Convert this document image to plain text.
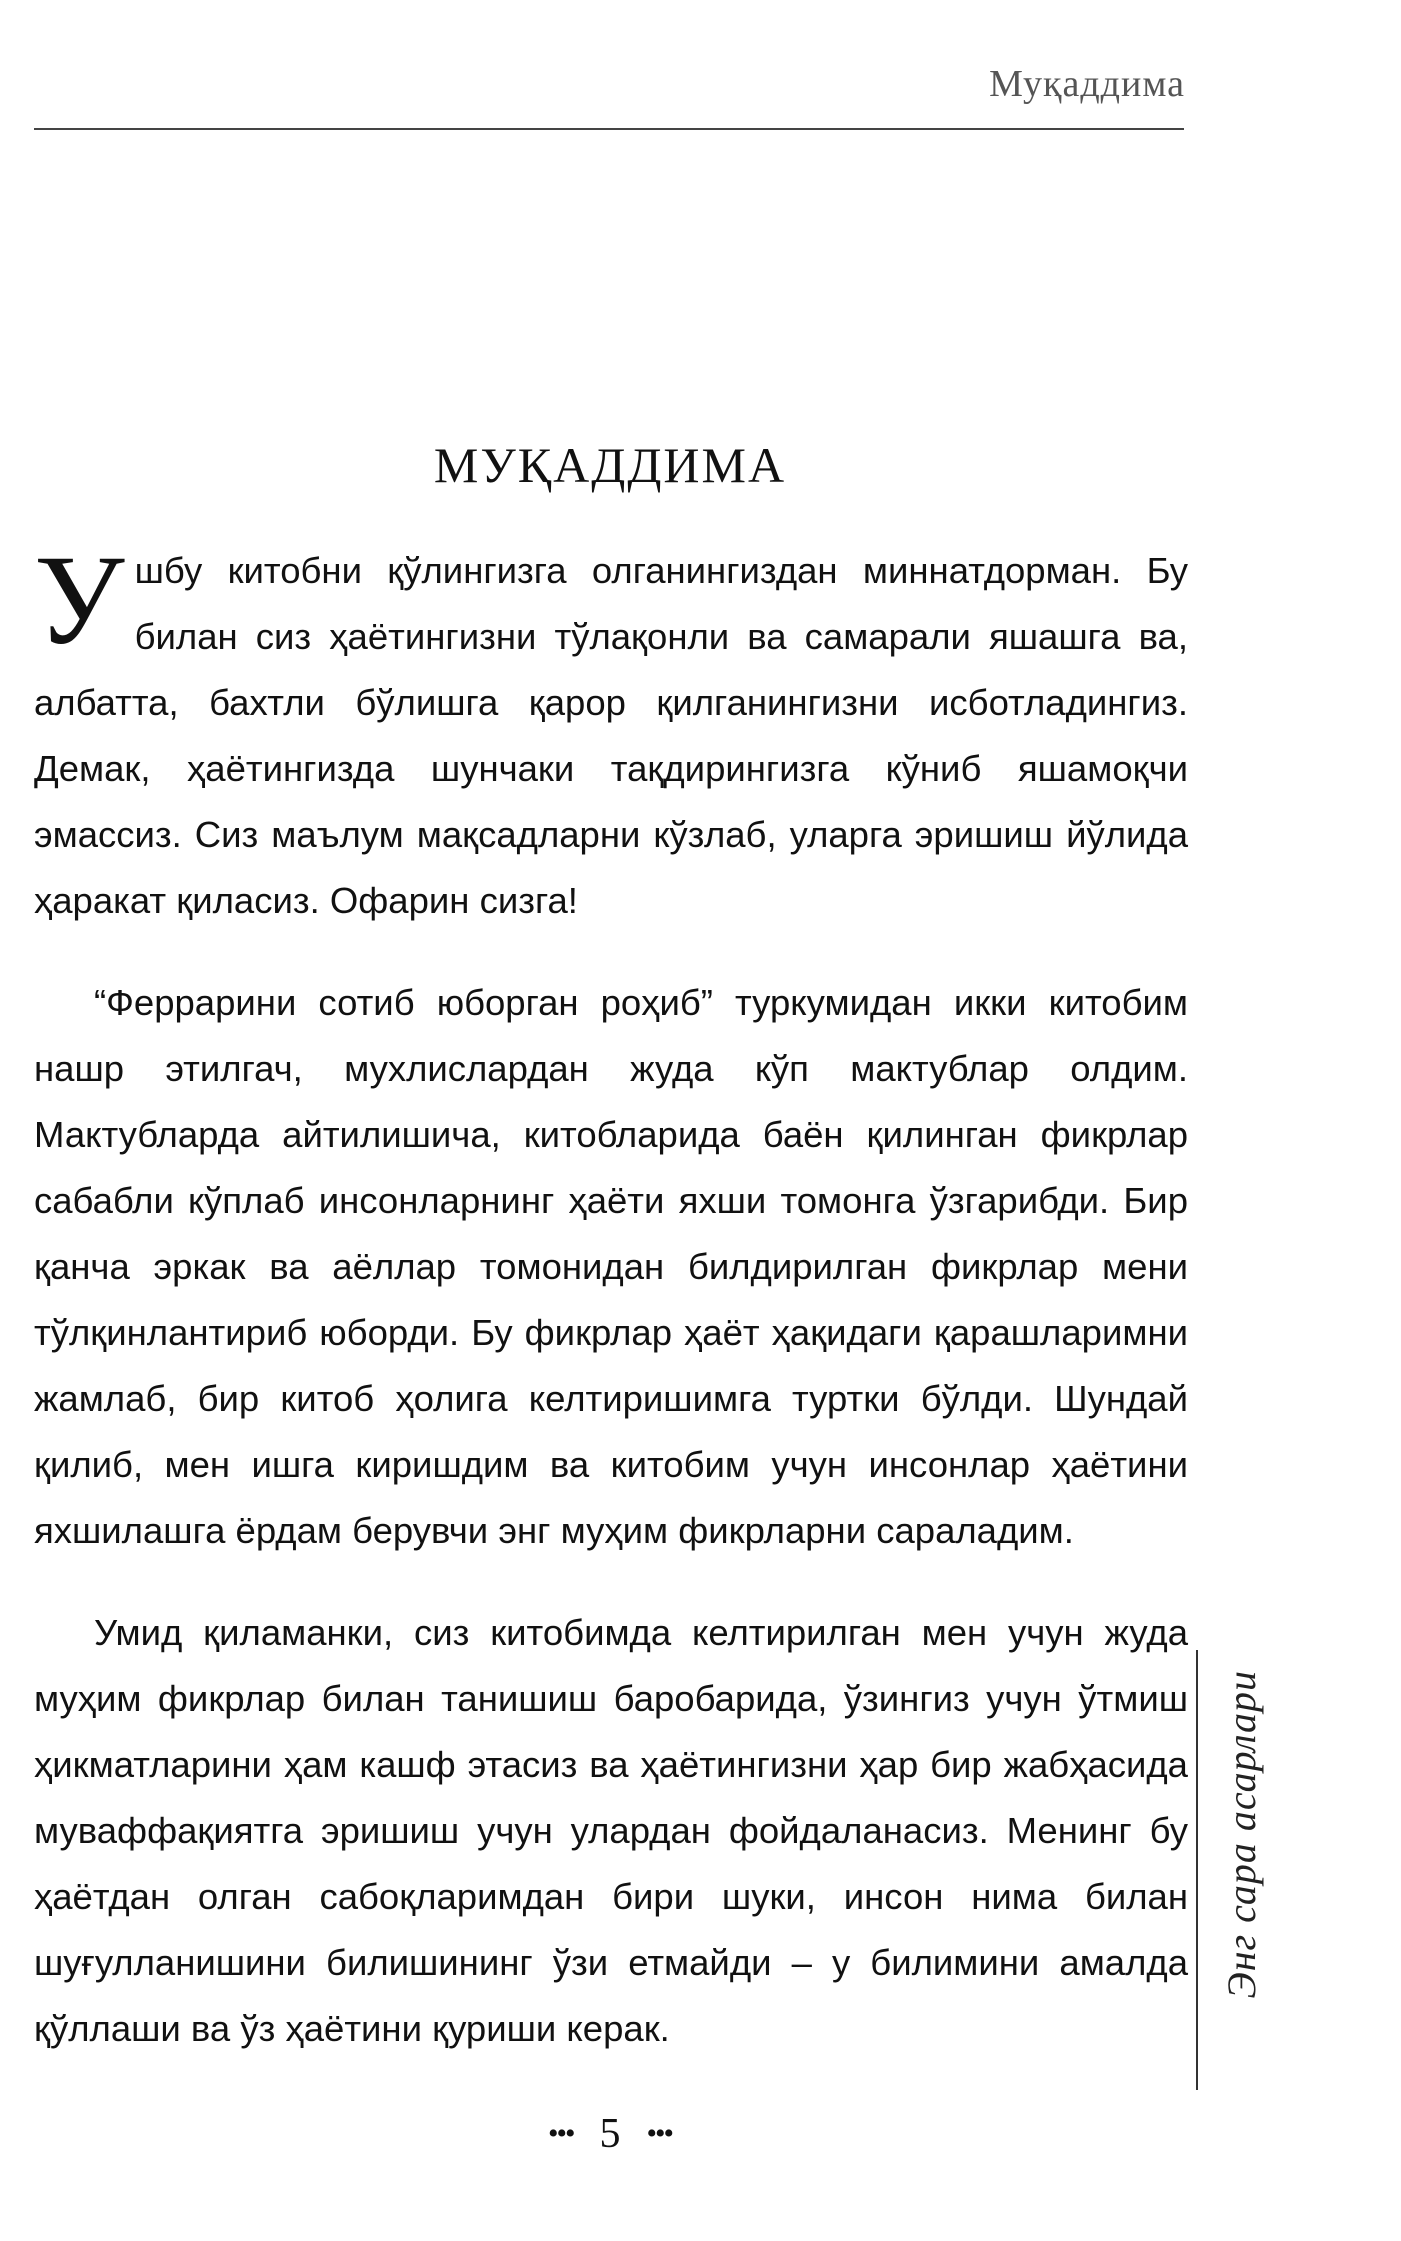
Муқаддима
МУҚАДДИМА

У шбу китобни қўлингизга олганингиздан миннатдорман. Бу билан сиз ҳаётингизни тўлақонли ва самарали яшашга ва, албатта, бахтли бўлишга қарор қилганингизни исботладингиз. Демак, ҳаётингизда шунчаки тақдирингизга кўниб яшамоқчи эмассиз. Сиз маълум мақсадларни кўзлаб, уларга эришиш йўлида ҳаракат қиласиз. Офарин сизга!

“Феррарини сотиб юборган роҳиб” туркумидан икки китобим нашр этилгач, мухлислардан жуда кўп мактублар олдим. Мактубларда айтилишича, китобларида баён қилинган фикрлар сабабли кўплаб инсонларнинг ҳаёти яхши томонга ўзгарибди. Бир қанча эркак ва аёллар томонидан билдирилган фикрлар мени тўлқинлантириб юборди. Бу фикрлар ҳаёт ҳақидаги қарашларимни жамлаб, бир китоб ҳолига келтиришимга туртки бўлди. Шундай қилиб, мен ишга киришдим ва китобим учун инсонлар ҳаётини яхшилашга ёрдам берувчи энг муҳим фикрларни сараладим.

Умид қиламанки, сиз китобимда келтирилган мен учун жуда муҳим фикрлар билан танишиш баробарида, ўзингиз учун ўтмиш ҳикматларини ҳам кашф этасиз ва ҳаётингизни ҳар бир жабҳасида муваффақиятга эришиш учун улардан фойдаланасиз. Менинг бу ҳаётдан олган сабоқларимдан бири шуки, инсон нима билан шуғулланишини билишининг ўзи етмайди – у билимини амалда қўллаши ва ўз ҳаётини қуриши керак.

Энг сара асарлари
••• 5 •••
